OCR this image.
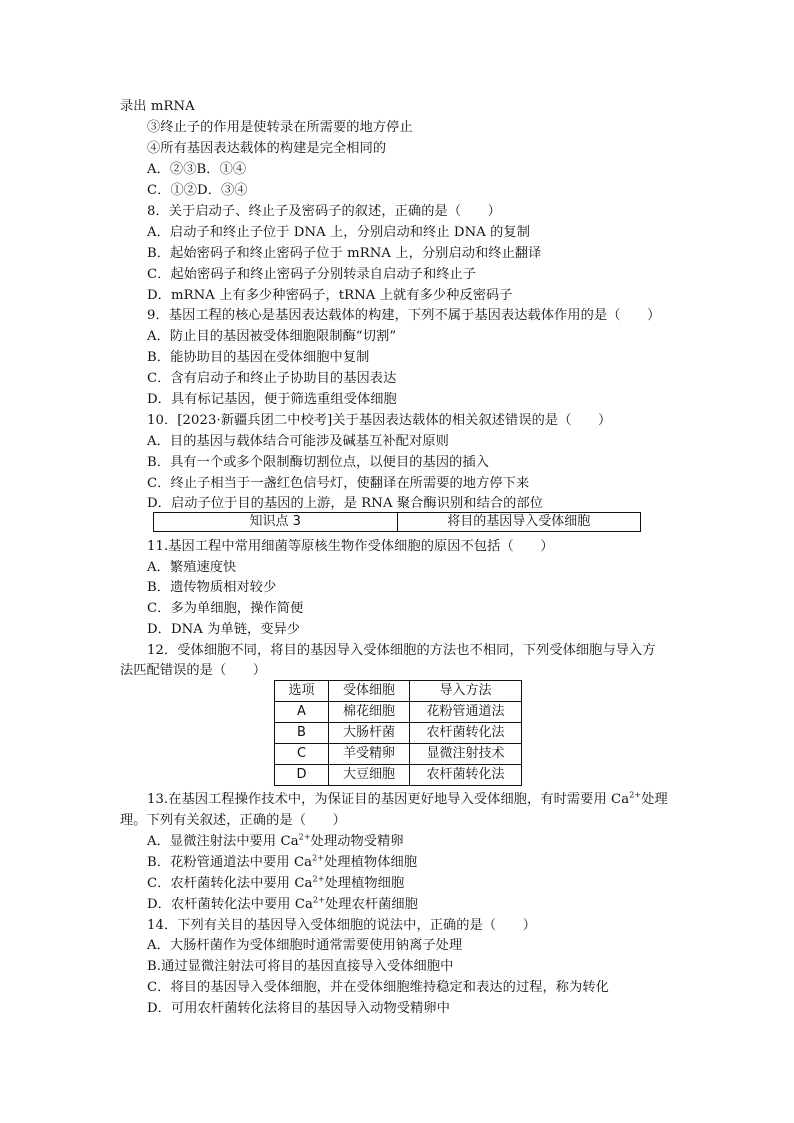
录出 mRNA
③终止子的作用是使转录在所需要的地方停止
④所有基因表达载体的构建是完全相同的
A．②③B．①④
C．①②D．③④
8．关于启动子、终止子及密码子的叙述，正确的是（　　）
A．启动子和终止子位于 DNA 上，分别启动和终止 DNA 的复制
B．起始密码子和终止密码子位于 mRNA 上，分别启动和终止翻译
C．起始密码子和终止密码子分别转录自启动子和终止子
D．mRNA 上有多少种密码子，tRNA 上就有多少种反密码子
9．基因工程的核心是基因表达载体的构建，下列不属于基因表达载体作用的是（　　）
A．防止目的基因被受体细胞限制酶“切割”
B．能协助目的基因在受体细胞中复制
C．含有启动子和终止子协助目的基因表达
D．具有标记基因，便于筛选重组受体细胞
10．[2023·新疆兵团二中校考]关于基因表达载体的相关叙述错误的是（　　）
A．目的基因与载体结合可能涉及碱基互补配对原则
B．具有一个或多个限制酶切割位点，以便目的基因的插入
C．终止子相当于一盏红色信号灯，使翻译在所需要的地方停下来
D．启动子位于目的基因的上游，是 RNA 聚合酶识别和结合的部位
知识点 3	将目的基因导入受体细胞
11.基因工程中常用细菌等原核生物作受体细胞的原因不包括（　　）
A．繁殖速度快
B．遗传物质相对较少
C．多为单细胞，操作简便
D．DNA 为单链，变异少
12．受体细胞不同，将目的基因导入受体细胞的方法也不相同，下列受体细胞与导入方
法匹配错误的是（　　）
选项	受体细胞	导入方法
A	棉花细胞	花粉管通道法
B	大肠杆菌	农杆菌转化法
C	羊受精卵	显微注射技术
D	大豆细胞	农杆菌转化法
13.在基因工程操作技术中，为保证目的基因更好地导入受体细胞，有时需要用 $Ca^{2+}$处理
理。下列有关叙述，正确的是（　　）
A．显微注射法中要用 $Ca^{2+}$处理动物受精卵
B．花粉管通道法中要用 $Ca^{2+}$处理植物体细胞
C．农杆菌转化法中要用 $Ca^{2+}$处理植物细胞
D．农杆菌转化法中要用 $Ca^{2+}$处理农杆菌细胞
14．下列有关目的基因导入受体细胞的说法中，正确的是（　　）
A．大肠杆菌作为受体细胞时通常需要使用钠离子处理
B.通过显微注射法可将目的基因直接导入受体细胞中
C．将目的基因导入受体细胞，并在受体细胞维持稳定和表达的过程，称为转化
D．可用农杆菌转化法将目的基因导入动物受精卵中
